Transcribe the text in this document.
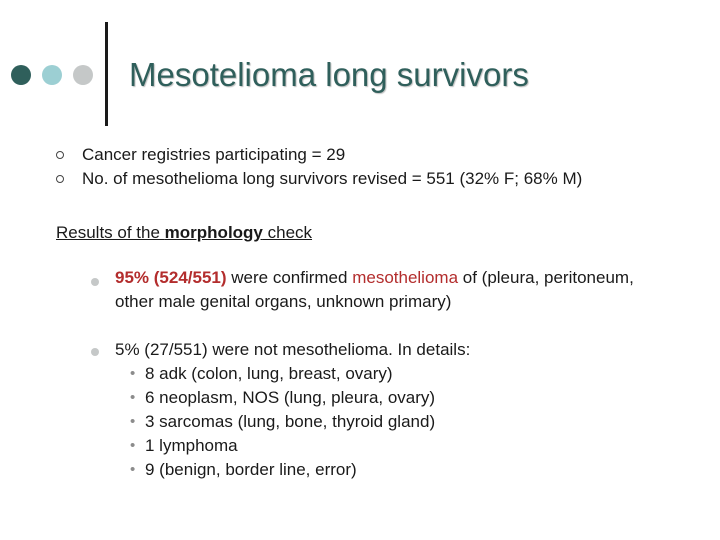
Mesotelioma long survivors
Cancer registries participating = 29
No. of mesothelioma long survivors revised = 551 (32% F; 68% M)
Results of the morphology check
95% (524/551) were confirmed mesothelioma of (pleura, peritoneum, other male genital organs, unknown primary)
5% (27/551) were not mesothelioma. In details:
• 8 adk (colon, lung, breast, ovary)
• 6 neoplasm, NOS (lung, pleura, ovary)
• 3 sarcomas (lung, bone, thyroid gland)
• 1 lymphoma
• 9 (benign, border line, error)
